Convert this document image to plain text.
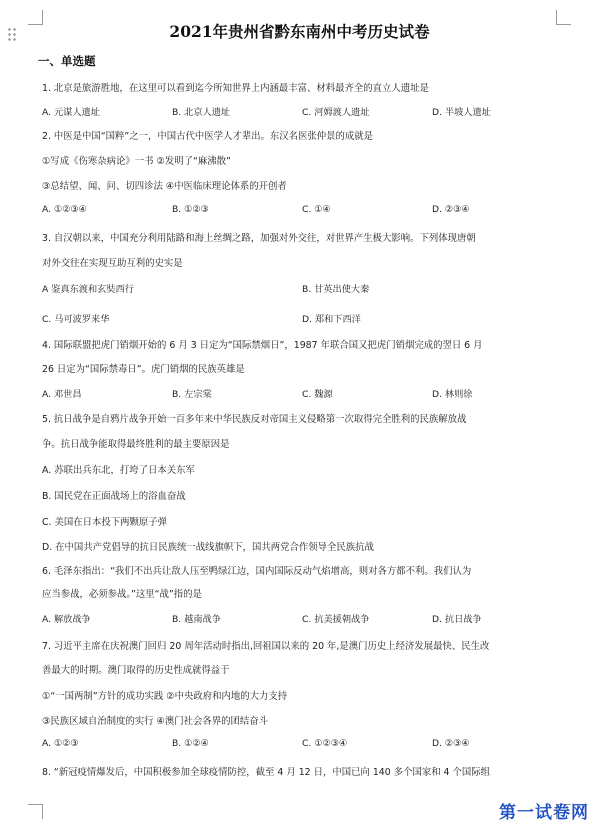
2021年贵州省黔东南州中考历史试卷
一、单选题
1. 北京是旅游胜地，在这里可以看到迄今所知世界上内涵最丰富、材料最齐全的直立人遗址是
A. 元谋人遗址	B. 北京人遗址	C. 河姆渡人遗址	D. 半坡人遗址
2. 中医是中国“国粹”之一，中国古代中医学人才辈出。东汉名医张仲景的成就是
①写成《伤寒杂病论》一书 ②发明了“麻沸散”
③总结望、闻、问、切四诊法 ④中医临床理论体系的开创者
A. ①②③④	B. ①②③	C. ①④	D. ②③④
3. 自汉朝以来，中国充分利用陆路和海上丝绸之路，加强对外交往，对世界产生极大影响。下列体现唐朝
对外交往在实现互助互利的史实是
A 鉴真东渡和玄奘西行	B. 甘英出使大秦
C. 马可波罗来华	D. 郑和下西洋
4. 国际联盟把虎门销烟开始的 6 月 3 日定为“国际禁烟日”，1987 年联合国又把虎门销烟完成的翌日 6 月
26 日定为“国际禁毒日”。虎门销烟的民族英雄是
A. 邓世昌	B. 左宗棠	C. 魏源	D. 林则徐
5. 抗日战争是自鸦片战争开始一百多年来中华民族反对帝国主义侵略第一次取得完全胜利的民族解放战
争。抗日战争能取得最终胜利的最主要原因是
A. 苏联出兵东北，打垮了日本关东军
B. 国民党在正面战场上的浴血奋战
C. 美国在日本投下两颗原子弹
D. 在中国共产党倡导的抗日民族统一战线旗帜下，国共两党合作领导全民族抗战
6. 毛泽东指出：“我们不出兵让敌人压至鸭绿江边，国内国际反动气焰增高，则对各方都不利。我们认为
应当参战，必须参战。”这里“战”指的是
A. 解放战争	B. 越南战争	C. 抗美援朝战争	D. 抗日战争
7. 习近平主席在庆祝澳门回归 20 周年活动时指出,回祖国以来的 20 年,是澳门历史上经济发展最快、民生改
善最大的时期。澳门取得的历史性成就得益于
①“一国两制”方针的成功实践 ②中央政府和内地的大力支持
③民族区域自治制度的实行 ④澳门社会各界的团结奋斗
A. ①②③	B. ①②④	C. ①②③④	D. ②③④
8. “新冠疫情爆发后，中国积极参加全球疫情防控，截至 4 月 12 日，中国已向 140 多个国家和 4 个国际组
第一试卷网
